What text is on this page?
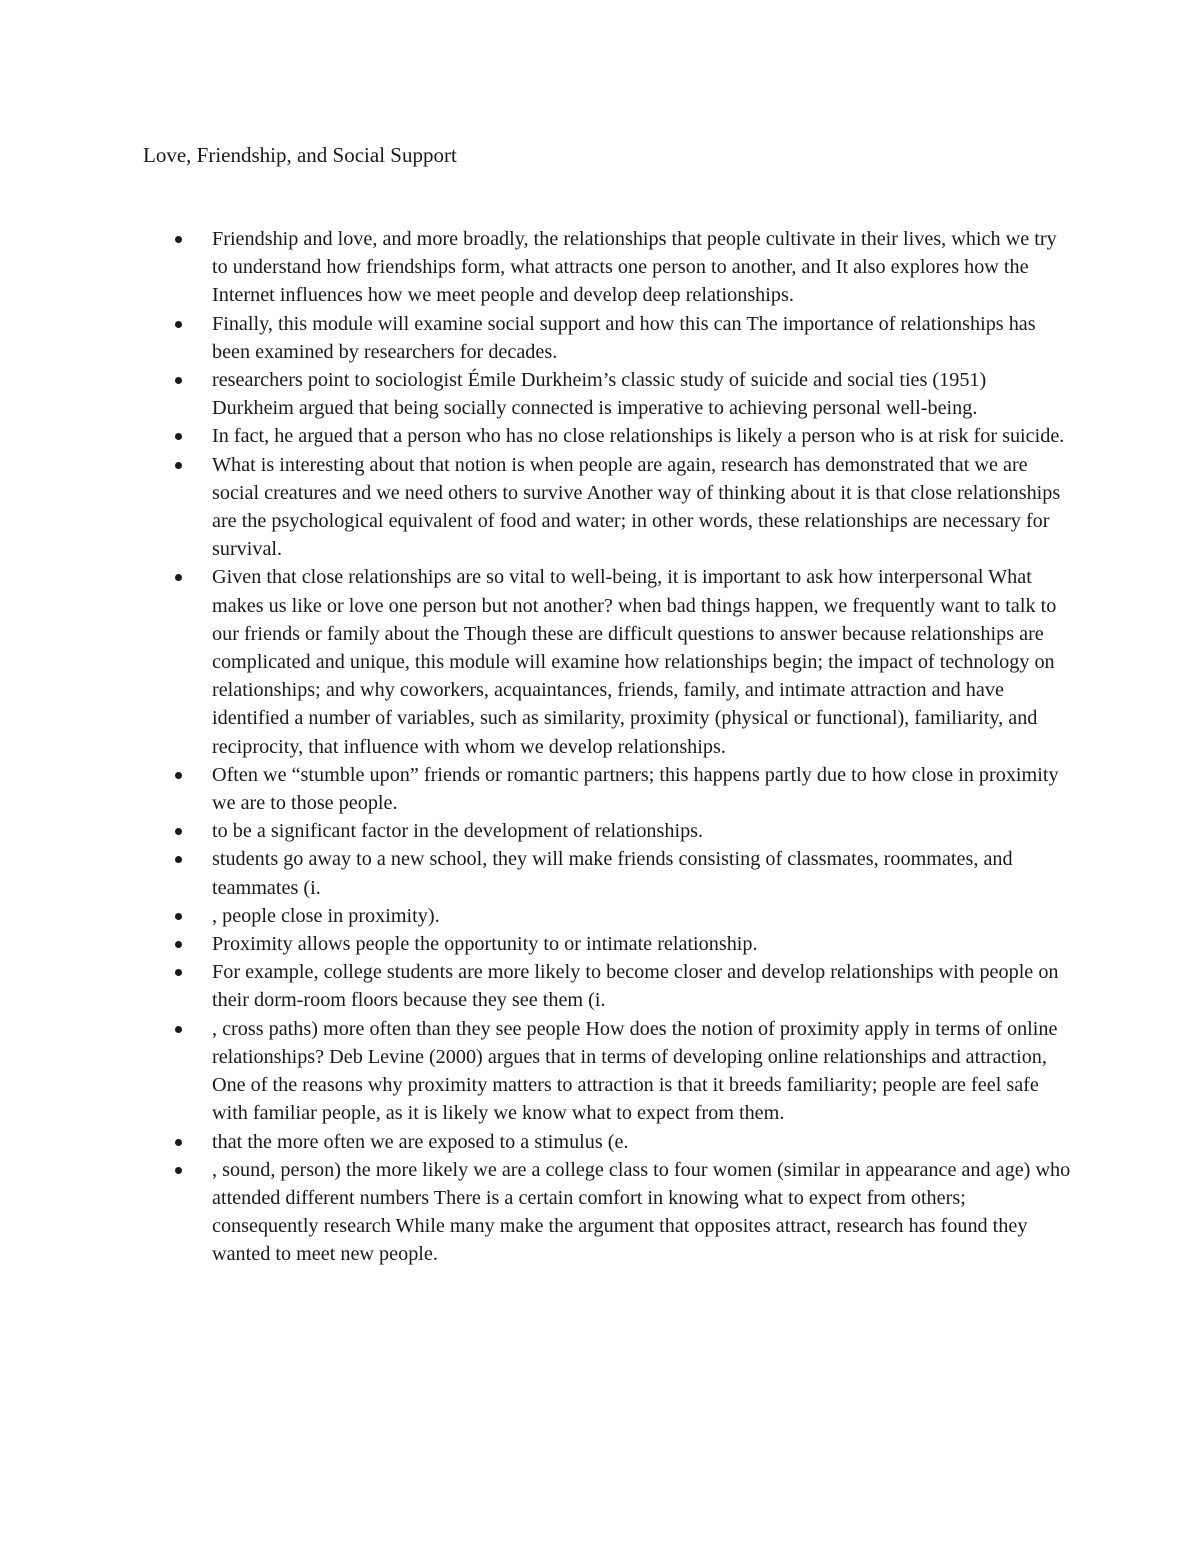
Love, Friendship, and Social Support
Friendship and love, and more broadly, the relationships that people cultivate in their lives, which we try to understand how friendships form, what attracts one person to another, and It also explores how the Internet influences how we meet people and develop deep relationships.
Finally, this module will examine social support and how this can The importance of relationships has been examined by researchers for decades.
researchers point to sociologist Émile Durkheim’s classic study of suicide and social ties (1951) Durkheim argued that being socially connected is imperative to achieving personal well-being.
In fact, he argued that a person who has no close relationships is likely a person who is at risk for suicide.
What is interesting about that notion is when people are again, research has demonstrated that we are social creatures and we need others to survive Another way of thinking about it is that close relationships are the psychological equivalent of food and water; in other words, these relationships are necessary for survival.
Given that close relationships are so vital to well-being, it is important to ask how interpersonal What makes us like or love one person but not another? when bad things happen, we frequently want to talk to our friends or family about the Though these are difficult questions to answer because relationships are complicated and unique, this module will examine how relationships begin; the impact of technology on relationships; and why coworkers, acquaintances, friends, family, and intimate attraction and have identified a number of variables, such as similarity, proximity (physical or functional), familiarity, and reciprocity, that influence with whom we develop relationships.
Often we “stumble upon” friends or romantic partners; this happens partly due to how close in proximity we are to those people.
to be a significant factor in the development of relationships.
students go away to a new school, they will make friends consisting of classmates, roommates, and teammates (i.
, people close in proximity).
Proximity allows people the opportunity to or intimate relationship.
For example, college students are more likely to become closer and develop relationships with people on their dorm-room floors because they see them (i.
, cross paths) more often than they see people How does the notion of proximity apply in terms of online relationships? Deb Levine (2000) argues that in terms of developing online relationships and attraction, One of the reasons why proximity matters to attraction is that it breeds familiarity; people are feel safe with familiar people, as it is likely we know what to expect from them.
that the more often we are exposed to a stimulus (e.
, sound, person) the more likely we are a college class to four women (similar in appearance and age) who attended different numbers There is a certain comfort in knowing what to expect from others; consequently research While many make the argument that opposites attract, research has found they wanted to meet new people.
